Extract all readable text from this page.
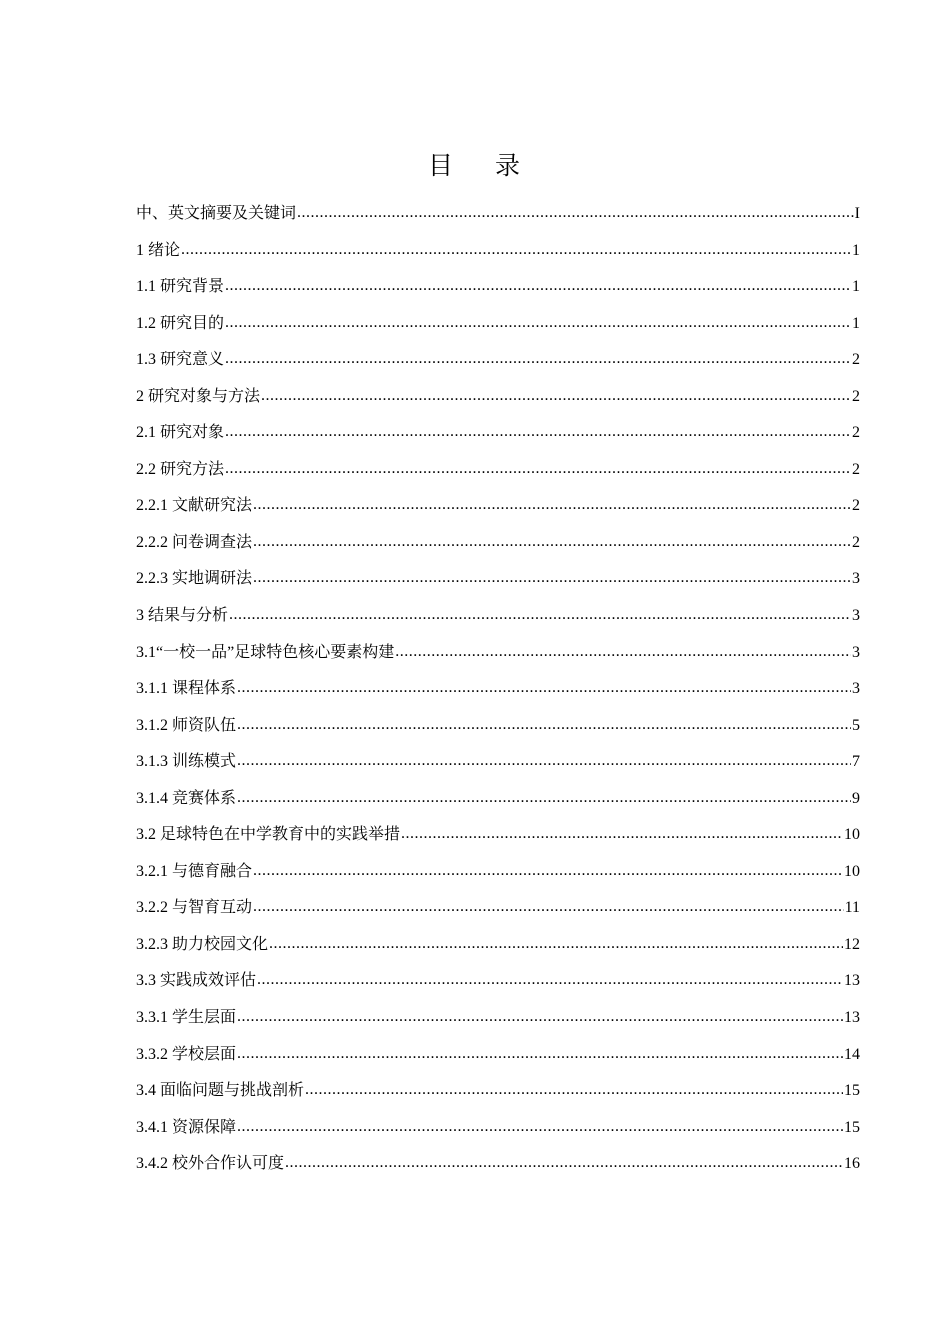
目录
中、英文摘要及关键词 .....	I
1 绪论 .....	1
1.1 研究背景 .....	1
1.2 研究目的 .....	1
1.3 研究意义 .....	2
2 研究对象与方法 .....	2
2.1 研究对象 .....	2
2.2 研究方法 .....	2
2.2.1 文献研究法 .....	2
2.2.2 问卷调查法 .....	2
2.2.3 实地调研法 .....	3
3 结果与分析 .....	3
3.1“一校一品”足球特色核心要素构建 .....	3
3.1.1 课程体系 .....	3
3.1.2 师资队伍 .....	5
3.1.3 训练模式 .....	7
3.1.4 竞赛体系 .....	9
3.2 足球特色在中学教育中的实践举措 .....	10
3.2.1 与德育融合 .....	10
3.2.2 与智育互动 .....	11
3.2.3 助力校园文化 .....	12
3.3 实践成效评估 .....	13
3.3.1 学生层面 .....	13
3.3.2 学校层面 .....	14
3.4 面临问题与挑战剖析 .....	15
3.4.1 资源保障 .....	15
3.4.2 校外合作认可度 .....	16
